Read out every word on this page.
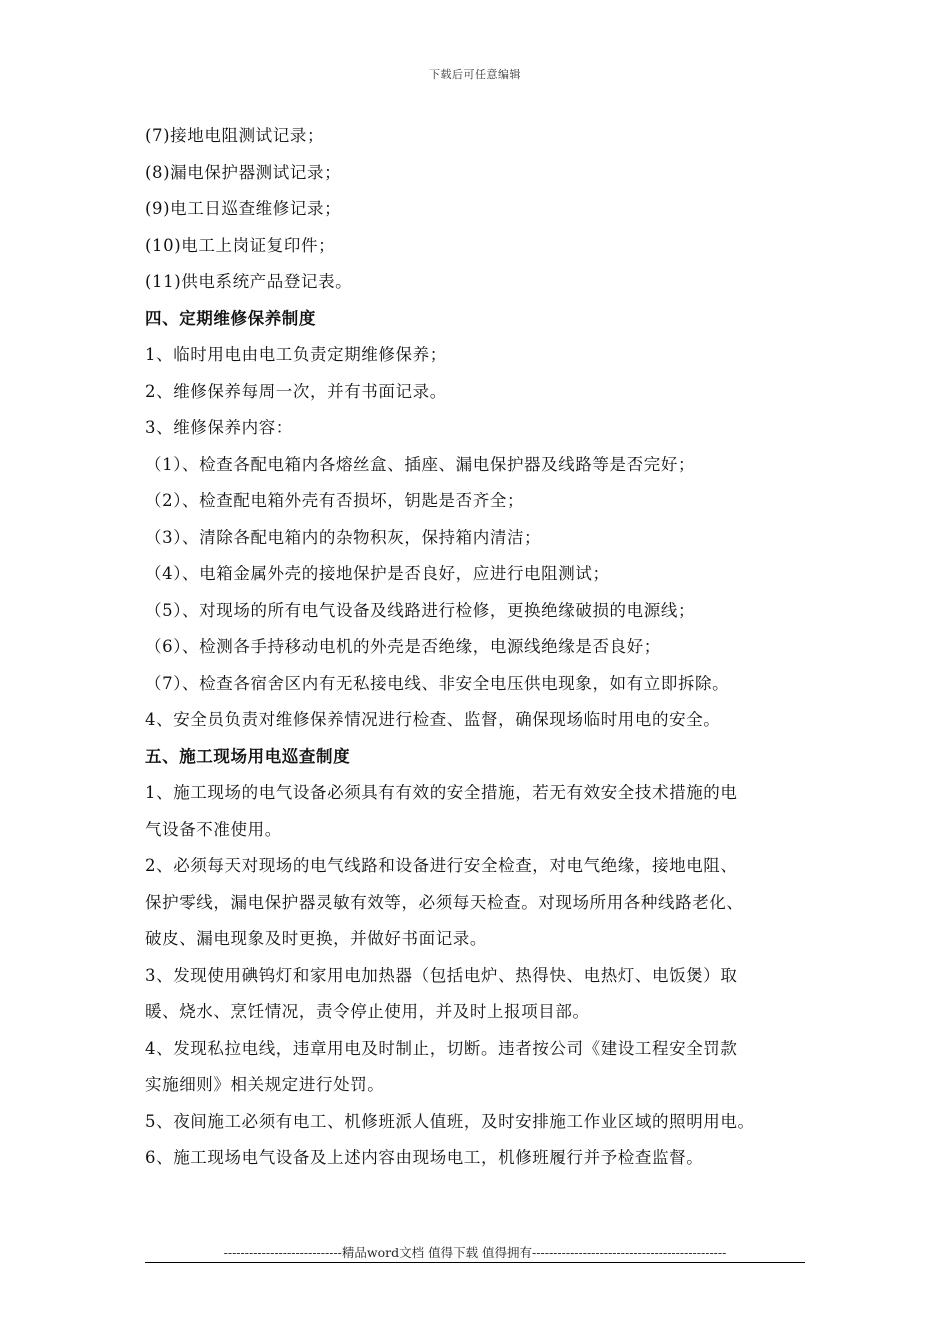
下载后可任意编辑
(7)接地电阻测试记录；
(8)漏电保护器测试记录；
(9)电工日巡查维修记录；
(10)电工上岗证复印件；
(11)供电系统产品登记表。
四、定期维修保养制度
1、临时用电由电工负责定期维修保养；
2、维修保养每周一次，并有书面记录。
3、维修保养内容：
（1）、检查各配电箱内各熔丝盒、插座、漏电保护器及线路等是否完好；
（2）、检查配电箱外壳有否损坏，钥匙是否齐全；
（3）、清除各配电箱内的杂物积灰，保持箱内清洁；
（4）、电箱金属外壳的接地保护是否良好，应进行电阻测试；
（5）、对现场的所有电气设备及线路进行检修，更换绝缘破损的电源线；
（6）、检测各手持移动电机的外壳是否绝缘，电源线绝缘是否良好；
（7）、检查各宿舍区内有无私接电线、非安全电压供电现象，如有立即拆除。
4、安全员负责对维修保养情况进行检查、监督，确保现场临时用电的安全。
五、施工现场用电巡查制度
1、施工现场的电气设备必须具有有效的安全措施，若无有效安全技术措施的电
气设备不准使用。
2、必须每天对现场的电气线路和设备进行安全检查，对电气绝缘，接地电阻、
保护零线，漏电保护器灵敏有效等，必须每天检查。对现场所用各种线路老化、
破皮、漏电现象及时更换，并做好书面记录。
3、发现使用碘钨灯和家用电加热器（包括电炉、热得快、电热灯、电饭煲）取
暖、烧水、烹饪情况，责令停止使用，并及时上报项目部。
4、发现私拉电线，违章用电及时制止，切断。违者按公司《建设工程安全罚款
实施细则》相关规定进行处罚。
5、夜间施工必须有电工、机修班派人值班，及时安排施工作业区域的照明用电。
6、施工现场电气设备及上述内容由现场电工，机修班履行并予检查监督。
----------------------------精品word文档 值得下载 值得拥有----------------------------------------------
